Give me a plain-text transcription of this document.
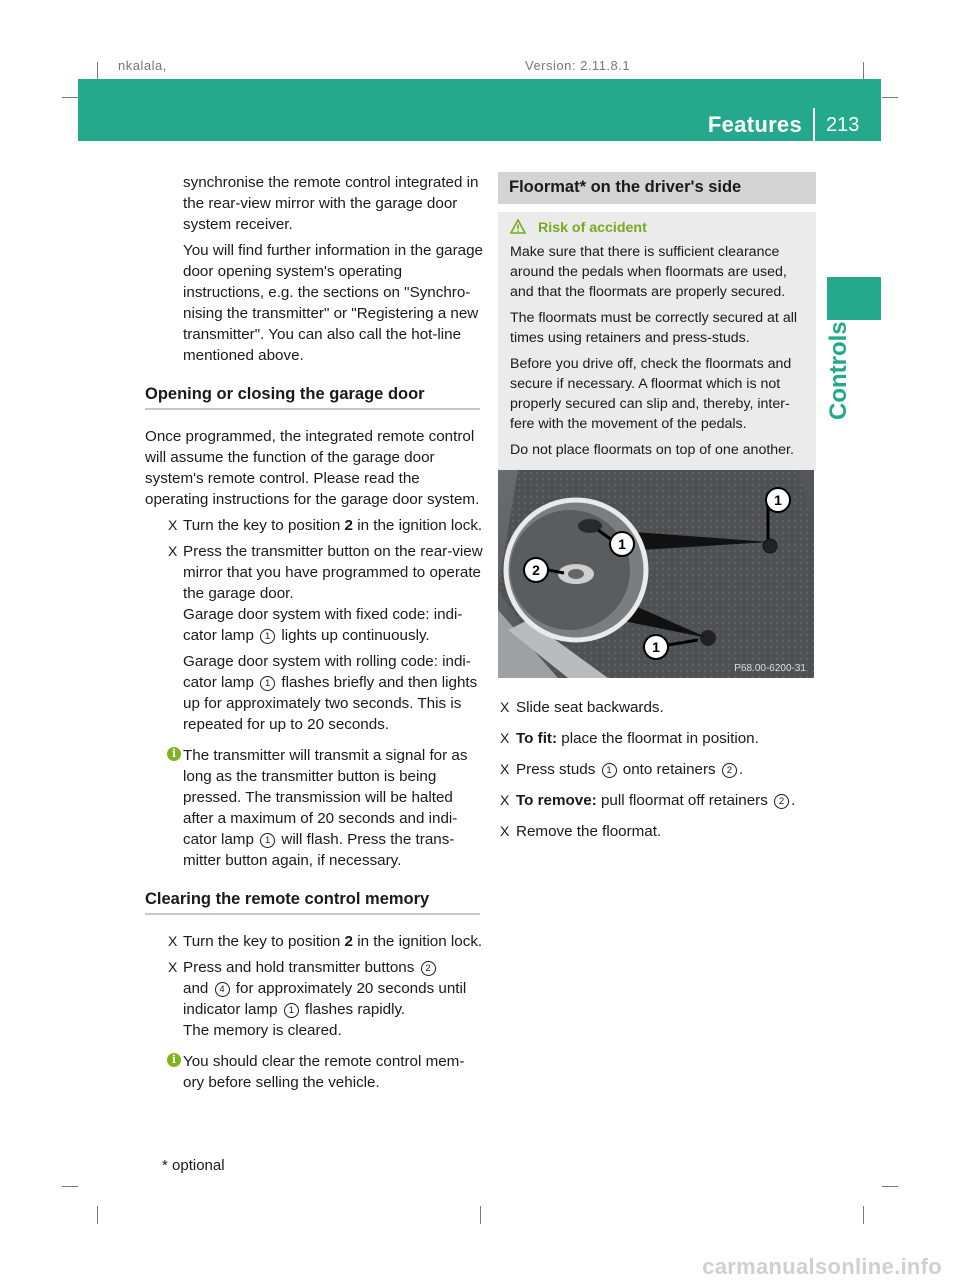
nkalala,	Version: 2.11.8.1
Features 213
Controls

synchronise the remote control integrated in the rear-view mirror with the garage door system receiver.

You will find further information in the garage door opening system's operating instructions, e.g. the sections on "Synchro-nising the transmitter" or "Registering a new transmitter". You can also call the hot-line mentioned above.

Opening or closing the garage door

Once programmed, the integrated remote control will assume the function of the garage door system's remote control. Please read the operating instructions for the garage door system.

X Turn the key to position 2 in the ignition lock.
X Press the transmitter button on the rear-view mirror that you have programmed to operate the garage door.
Garage door system with fixed code: indi-cator lamp 1 lights up continuously.
Garage door system with rolling code: indi-cator lamp 1 flashes briefly and then lights up for approximately two seconds. This is repeated for up to 20 seconds.
i The transmitter will transmit a signal for as long as the transmitter button is being pressed. The transmission will be halted after a maximum of 20 seconds and indi-cator lamp 1 will flash. Press the trans-mitter button again, if necessary.
Clearing the remote control memory
X Turn the key to position 2 in the ignition lock.
X Press and hold transmitter buttons 2
and 4 for approximately 20 seconds until indicator lamp 1 flashes rapidly.
The memory is cleared.
i You should clear the remote control mem-ory before selling the vehicle.
Floormat* on the driver's side
Risk of accident

Make sure that there is sufficient clearance around the pedals when floormats are used, and that the floormats are properly secured.

The floormats must be correctly secured at all times using retainers and press-studs.

Before you drive off, check the floormats and secure if necessary. A floormat which is not properly secured can slip and, thereby, inter-fere with the movement of the pedals.

Do not place floormats on top of one another.

1
1
2
1
P68.00-6200-31
X Slide seat backwards.
X To fit: place the floormat in position.
X Press studs 1 onto retainers 2 .
X To remove: pull floormat off retainers 2 .
X Remove the floormat.
* optional
carmanualsonline.info
